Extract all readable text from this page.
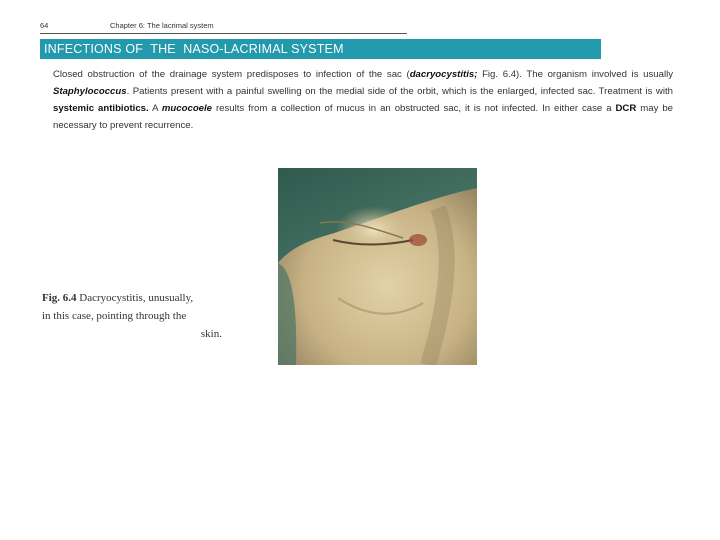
64	Chapter 6: The lacrimal system
INFECTIONS OF  THE  NASO-LACRIMAL SYSTEM

Closed obstruction of the drainage system predisposes to infection of the sac (dacryocystitis; Fig. 6.4). The organism involved is usually Staphylococcus. Patients present with a painful swelling on the medial side of the orbit, which is the enlarged, infected sac. Treatment is with systemic antibiotics. A mucocoele results from a collection of mucus in an obstructed sac, it is not infected. In either case a DCR may be necessary to prevent recurrence.

Fig. 6.4 Dacryocystitis, unusually,
in this case, pointing through the
skin.
